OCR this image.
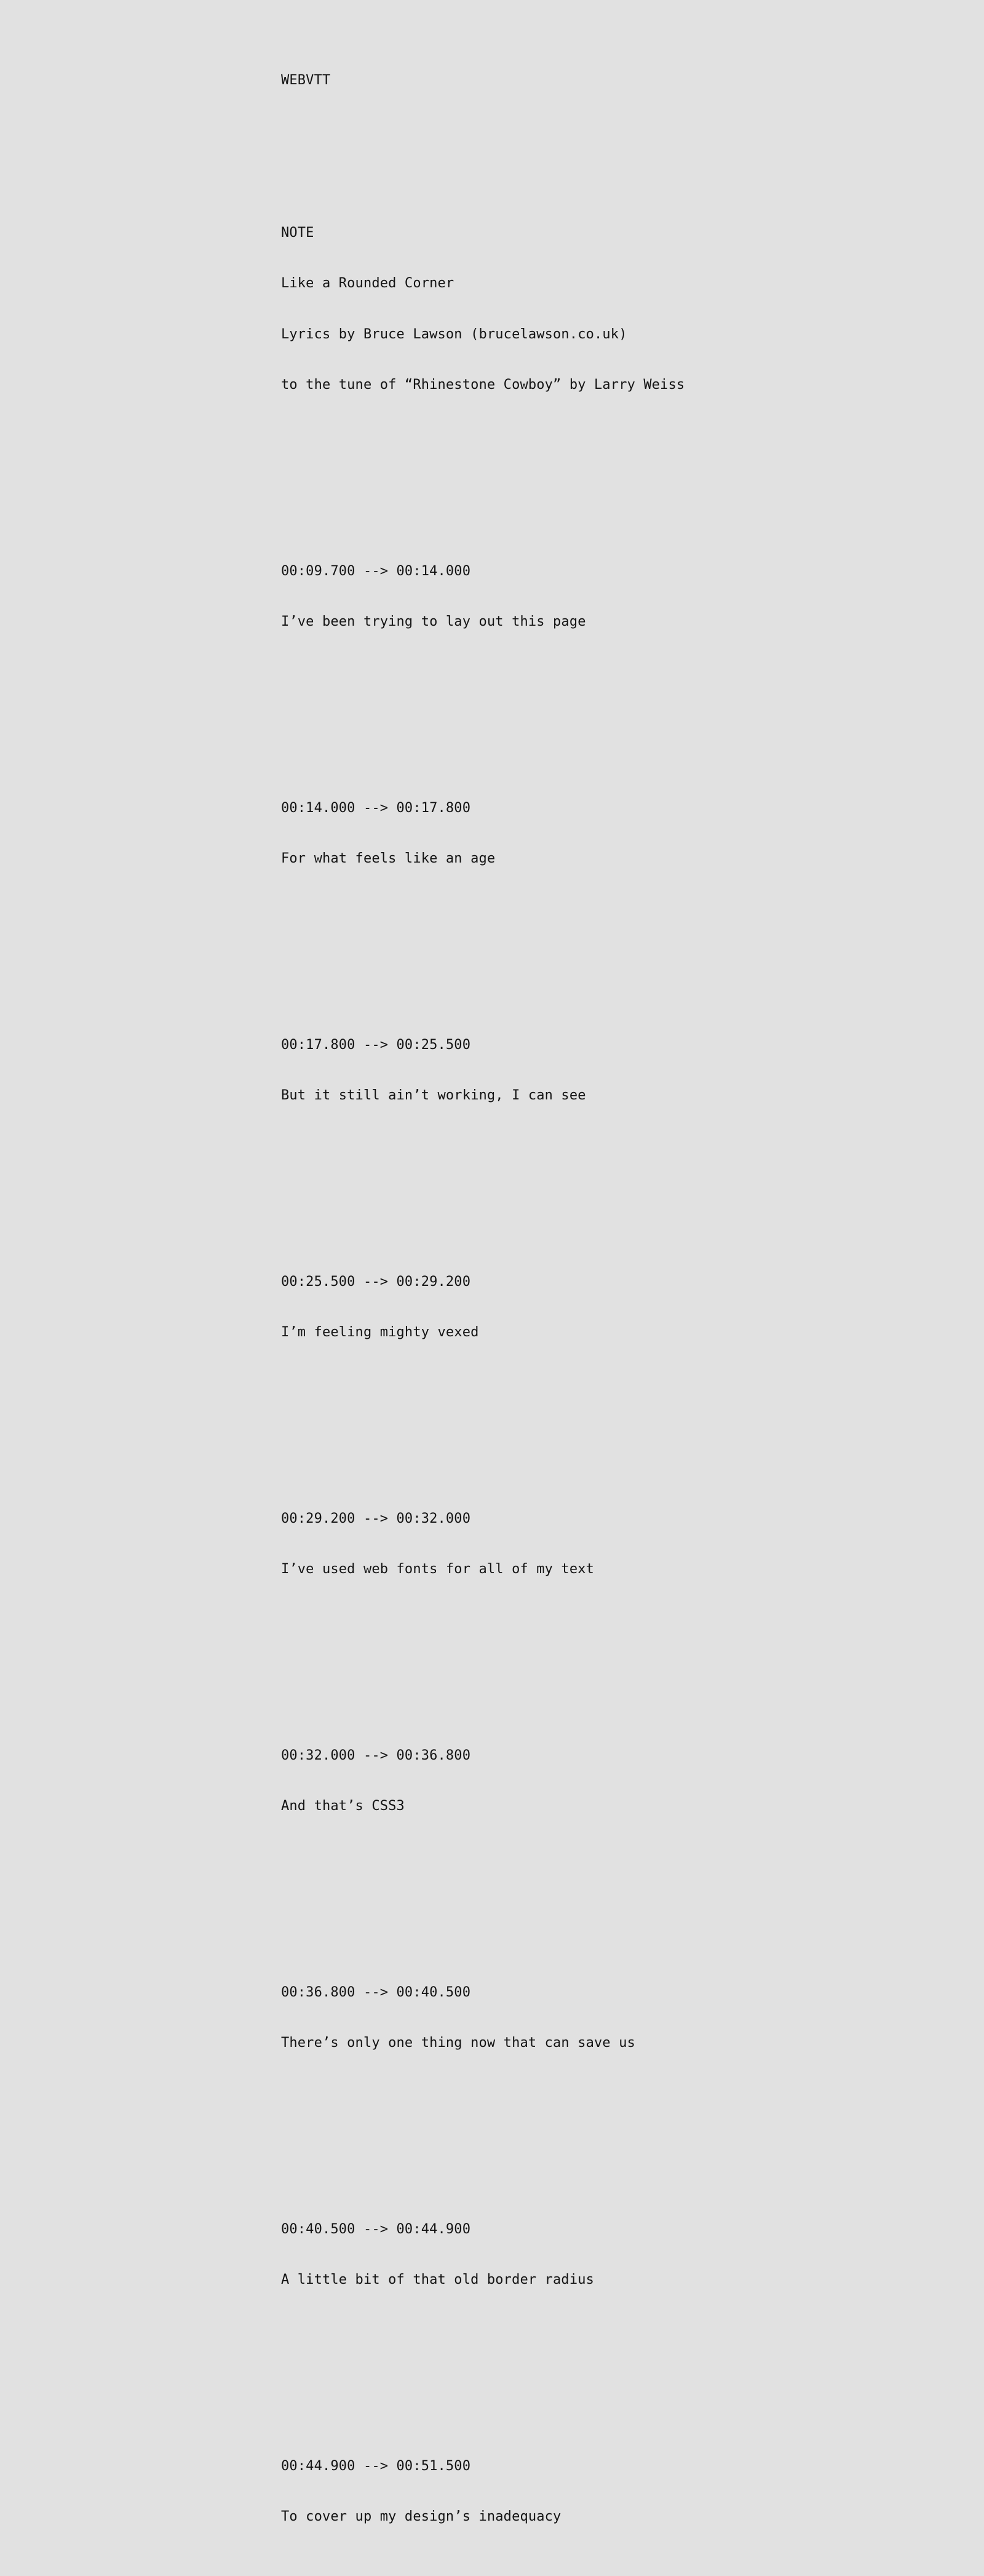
WEBVTT

NOTE

Like a Rounded Corner

Lyrics by Bruce Lawson (brucelawson.co.uk)

to the tune of “Rhinestone Cowboy” by Larry Weiss

00:09.700 --> 00:14.000

I’ve been trying to lay out this page

00:14.000 --> 00:17.800

For what feels like an age

00:17.800 --> 00:25.500

But it still ain’t working, I can see

00:25.500 --> 00:29.200

I’m feeling mighty vexed

00:29.200 --> 00:32.000

I’ve used web fonts for all of my text

00:32.000 --> 00:36.800

And that’s CSS3

00:36.800 --> 00:40.500

There’s only one thing now that can save us

00:40.500 --> 00:44.900

A little bit of that old border radius

00:44.900 --> 00:51.500

To cover up my design’s inadequacy
